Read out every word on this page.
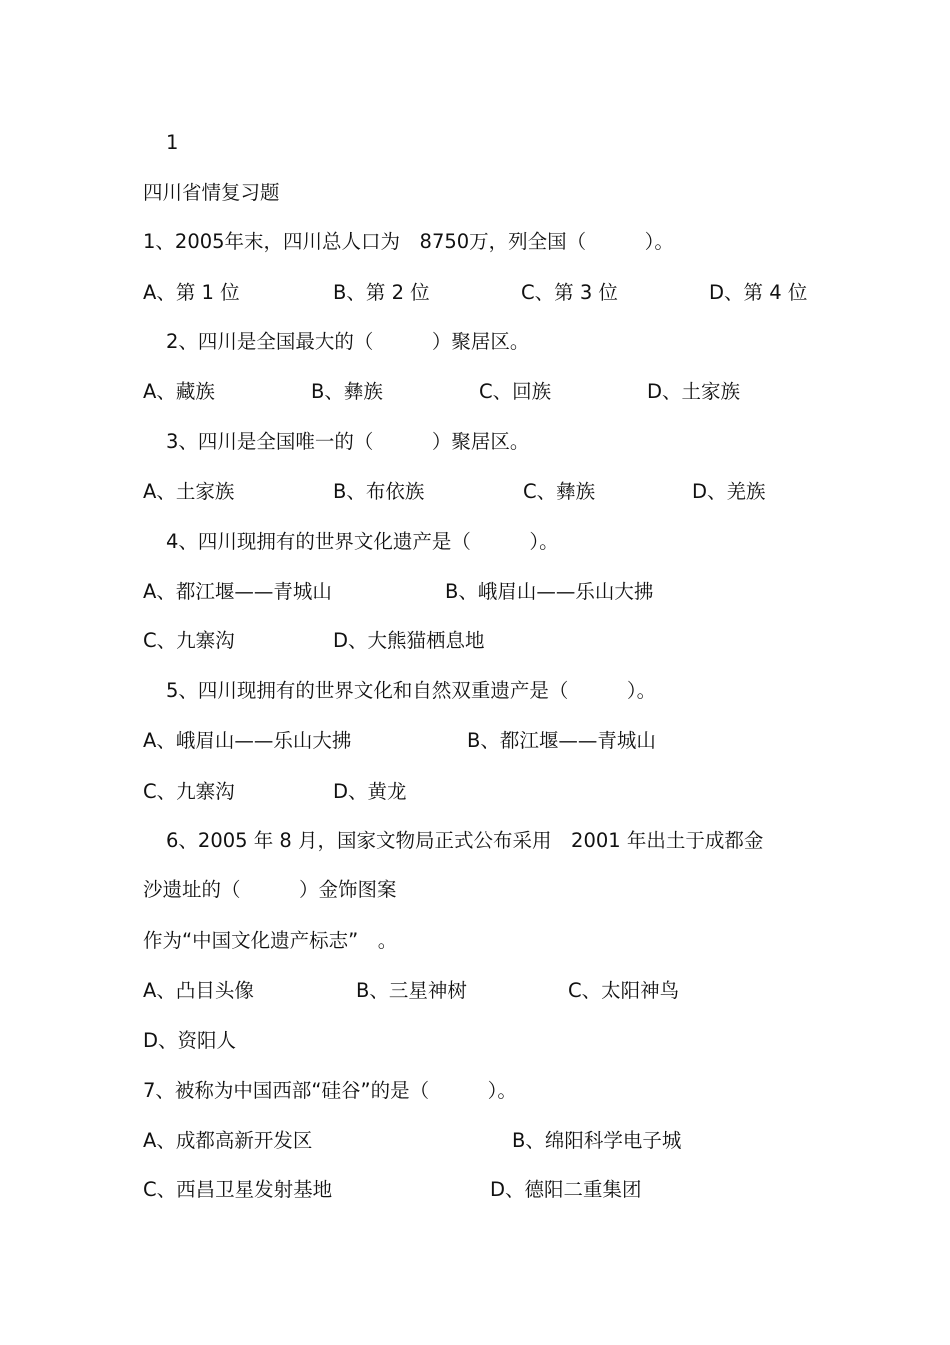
1
四川省情复习题
1、2005年末，四川总人口为　8750万，列全国（　　　）。
A、第 1 位	B、第 2 位	C、第 3 位	D、第 4 位
2、四川是全国最大的（　　　）聚居区。
A、藏族	B、彝族	C、回族	D、土家族
3、四川是全国唯一的（　　　）聚居区。
A、土家族	B、布依族	C、彝族	D、羌族
4、四川现拥有的世界文化遗产是（　　　）。
A、都江堰——青城山	B、峨眉山——乐山大拂
C、九寨沟	D、大熊猫栖息地
5、四川现拥有的世界文化和自然双重遗产是（　　　）。
A、峨眉山——乐山大拂	B、都江堰——青城山
C、九寨沟	D、黄龙
6、2005 年 8 月，国家文物局正式公布采用　2001 年出土于成都金
沙遗址的（　　　）金饰图案
作为“中国文化遗产标志”　。
A、凸目头像	B、三星神树	C、太阳神鸟
D、资阳人
7、被称为中国西部“硅谷”的是（　　　）。
A、成都高新开发区	B、绵阳科学电子城
C、西昌卫星发射基地	D、德阳二重集团
